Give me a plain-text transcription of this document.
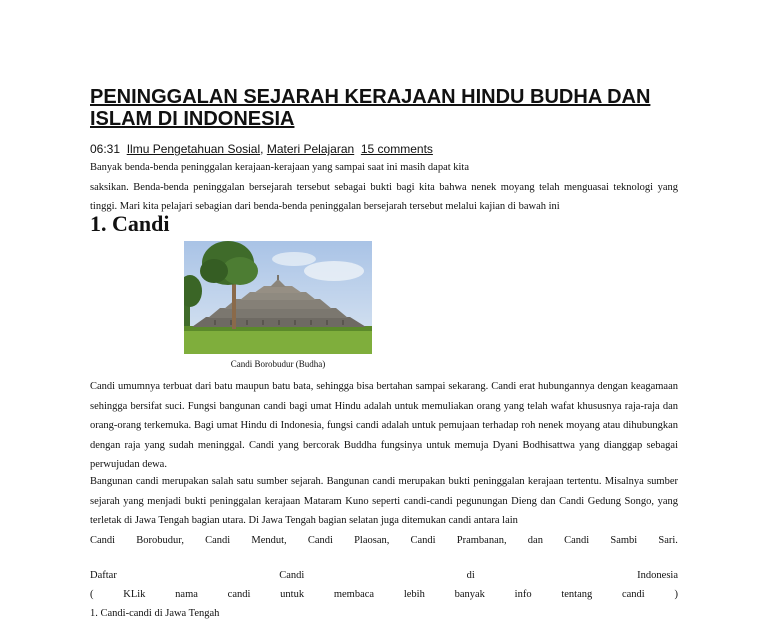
PENINGGALAN SEJARAH KERAJAAN HINDU BUDHA DAN ISLAM DI INDONESIA
06:31 Ilmu Pengetahuan Sosial, Materi Pelajaran 15 comments

Banyak benda-benda peninggalan kerajaan-kerajaan yang sampai saat ini masih dapat kita

saksikan. Benda-benda peninggalan bersejarah tersebut sebagai bukti bagi kita bahwa nenek moyang telah menguasai teknologi yang tinggi. Mari kita pelajari sebagian dari benda-benda peninggalan bersejarah tersebut melalui kajian di bawah ini

1. Candi
Candi Borobudur (Budha)
Candi umumnya terbuat dari batu maupun batu bata, sehingga bisa bertahan sampai sekarang. Candi erat hubungannya dengan keagamaan sehingga bersifat suci. Fungsi bangunan candi bagi umat Hindu adalah untuk memuliakan orang yang telah wafat khususnya raja-raja dan orang-orang terkemuka. Bagi umat Hindu di Indonesia, fungsi candi adalah untuk pemujaan terhadap roh nenek moyang atau dihubungkan dengan raja yang sudah meninggal. Candi yang bercorak Buddha fungsinya untuk memuja Dyani Bodhisattwa yang dianggap sebagai perwujudan dewa.

Bangunan candi merupakan salah satu sumber sejarah. Bangunan candi merupakan bukti peninggalan kerajaan tertentu. Misalnya sumber sejarah yang menjadi bukti peninggalan kerajaan Mataram Kuno seperti candi-candi pegunungan Dieng dan Candi Gedung Songo, yang terletak di Jawa Tengah bagian utara. Di Jawa Tengah bagian selatan juga ditemukan candi antara lain

Candi Borobudur, Candi Mendut, Candi Plaosan, Candi Prambanan, dan Candi Sambi Sari.
Daftar	Candi	di	Indonesia
(	KLik	nama	candi	untuk	membaca	lebih	banyak	info	tentang	candi	)
1. Candi-candi di Jawa Tengah
